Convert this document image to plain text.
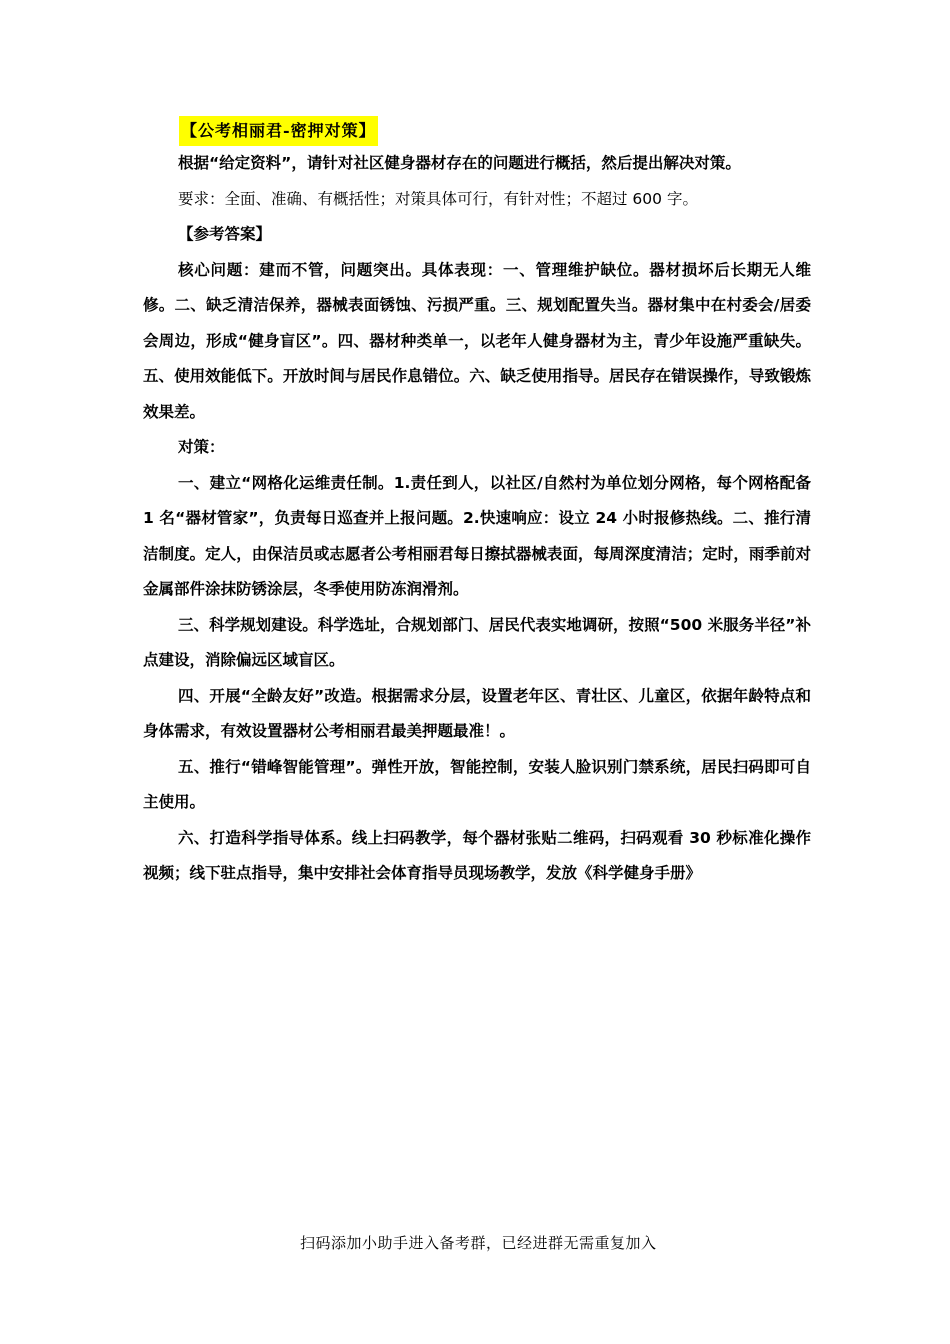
【公考相丽君-密押对策】

根据“给定资料”，请针对社区健身器材存在的问题进行概括，然后提出解决对策。

要求：全面、准确、有概括性；对策具体可行，有针对性；不超过 600 字。

【参考答案】

核心问题：建而不管，问题突出。具体表现：一、管理维护缺位。器材损坏后长期无人维修。二、缺乏清洁保养，器械表面锈蚀、污损严重。三、规划配置失当。器材集中在村委会/居委会周边，形成“健身盲区”。四、器材种类单一，以老年人健身器材为主，青少年设施严重缺失。五、使用效能低下。开放时间与居民作息错位。六、缺乏使用指导。居民存在错误操作，导致锻炼效果差。

对策：

一、建立“网格化运维责任制。1.责任到人，以社区/自然村为单位划分网格，每个网格配备 1 名“器材管家”，负责每日巡查并上报问题。2.快速响应：设立 24 小时报修热线。二、推行清洁制度。定人，由保洁员或志愿者公考相丽君每日擦拭器械表面，每周深度清洁；定时，雨季前对金属部件涂抹防锈涂层，冬季使用防冻润滑剂。

三、科学规划建设。科学选址，合规划部门、居民代表实地调研，按照“500 米服务半径”补点建设，消除偏远区域盲区。

四、开展“全龄友好”改造。根据需求分层，设置老年区、青壮区、儿童区，依据年龄特点和身体需求，有效设置器材公考相丽君最美押题最准！。

五、推行“错峰智能管理”。弹性开放，智能控制，安装人脸识别门禁系统，居民扫码即可自主使用。

六、打造科学指导体系。线上扫码教学，每个器材张贴二维码，扫码观看 30 秒标准化操作视频；线下驻点指导，集中安排社会体育指导员现场教学，发放《科学健身手册》

扫码添加小助手进入备考群，已经进群无需重复加入
